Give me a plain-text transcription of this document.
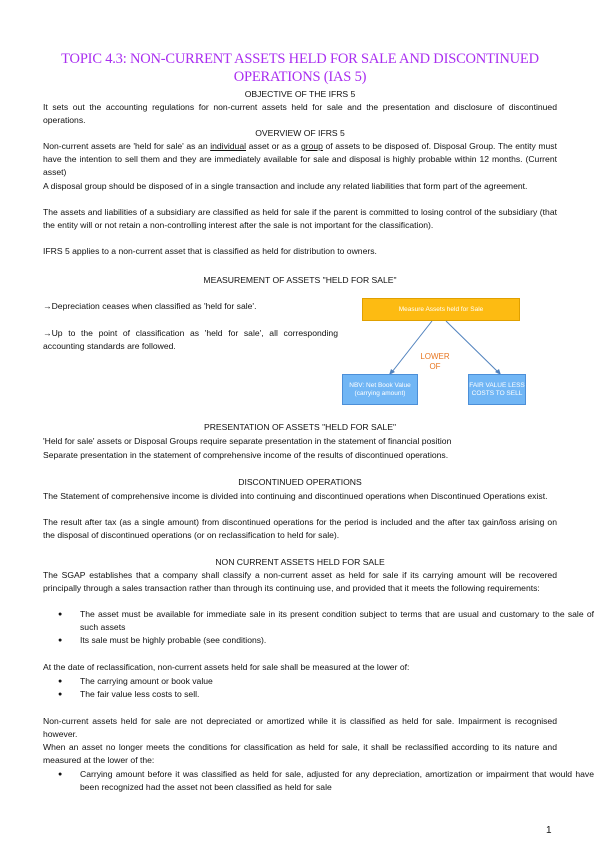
TOPIC 4.3: NON-CURRENT ASSETS HELD FOR SALE AND DISCONTINUED OPERATIONS (IAS 5)
OBJECTIVE OF THE IFRS 5
It sets out the accounting regulations for non-current assets held for sale and the presentation and disclosure of discontinued operations.
OVERVIEW OF IFRS 5
Non-current assets are 'held for sale' as an individual asset or as a group of assets to be disposed of. Disposal Group. The entity must have the intention to sell them and they are immediately available for sale and disposal is highly probable within 12 months. (Current asset)
A disposal group should be disposed of in a single transaction and include any related liabilities that form part of the agreement.
The assets and liabilities of a subsidiary are classified as held for sale if the parent is committed to losing control of the subsidiary (that the entity will or not retain a non-controlling interest after the sale is not important for the classification).
IFRS 5 applies to a non-current asset that is classified as held for distribution to owners.
MEASUREMENT OF ASSETS "HELD FOR SALE"
→Depreciation ceases when classified as 'held for sale'.
→Up to the point of classification as 'held for sale', all corresponding accounting standards are followed.
Measure Assets held for Sale
LOWER OF
NBV: Net Book Value (carrying amount)
FAIR VALUE LESS COSTS TO SELL
PRESENTATION OF ASSETS "HELD FOR SALE"
'Held for sale' assets or Disposal Groups require separate presentation in the statement of financial position
Separate presentation in the statement of comprehensive income of the results of discontinued operations.
DISCONTINUED OPERATIONS
The Statement of comprehensive income is divided into continuing and discontinued operations when Discontinued Operations exist.
The result after tax (as a single amount) from discontinued operations for the period is included and the after tax gain/loss arising on the disposal of discontinued operations (or on reclassification to held for sale).
NON CURRENT ASSETS HELD FOR SALE
The SGAP establishes that a company shall classify a non-current asset as held for sale if its carrying amount will be recovered principally through a sales transaction rather than through its continuing use, and provided that it meets the following requirements:
● The asset must be available for immediate sale in its present condition subject to terms that are usual and customary to the sale of such assets
● Its sale must be highly probable (see conditions).
At the date of reclassification, non-current assets held for sale shall be measured at the lower of:
● The carrying amount or book value
● The fair value less costs to sell.
Non-current assets held for sale are not depreciated or amortized while it is classified as held for sale. Impairment is recognised however.
When an asset no longer meets the conditions for classification as held for sale, it shall be reclassified according to its nature and measured at the lower of the:
● Carrying amount before it was classified as held for sale, adjusted for any depreciation, amortization or impairment that would have been recognized had the asset not been classified as held for sale
1
